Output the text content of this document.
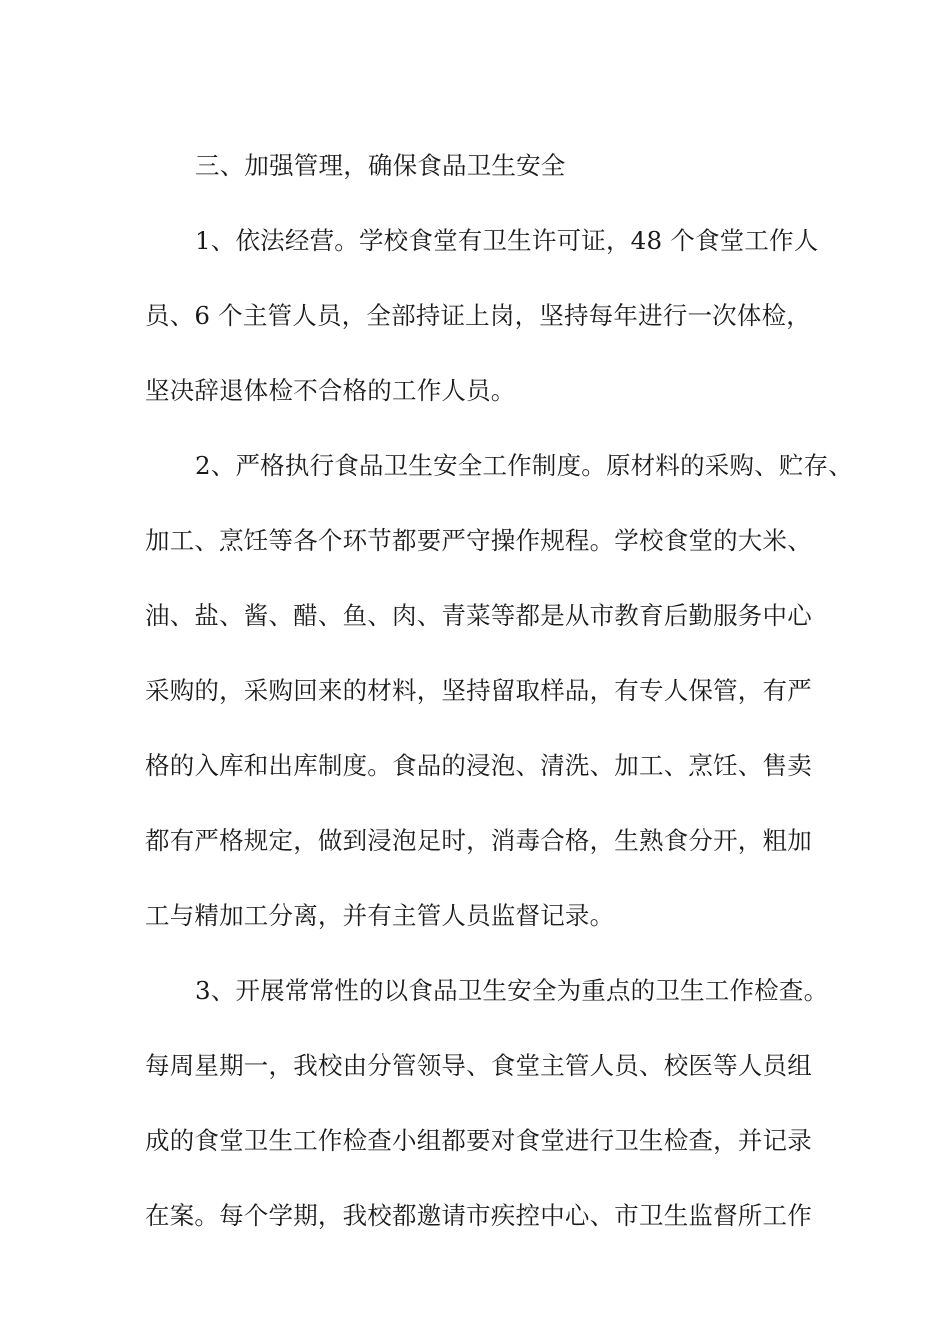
三、加强管理，确保食品卫生安全
1、依法经营。学校食堂有卫生许可证，48 个食堂工作人
员、6 个主管人员，全部持证上岗，坚持每年进行一次体检，
坚决辞退体检不合格的工作人员。
2、严格执行食品卫生安全工作制度。原材料的采购、贮存、
加工、烹饪等各个环节都要严守操作规程。学校食堂的大米、
油、盐、酱、醋、鱼、肉、青菜等都是从市教育后勤服务中心
采购的，采购回来的材料，坚持留取样品，有专人保管，有严
格的入库和出库制度。食品的浸泡、清洗、加工、烹饪、售卖
都有严格规定，做到浸泡足时，消毒合格，生熟食分开，粗加
工与精加工分离，并有主管人员监督记录。
3、开展常常性的以食品卫生安全为重点的卫生工作检查。
每周星期一，我校由分管领导、食堂主管人员、校医等人员组
成的食堂卫生工作检查小组都要对食堂进行卫生检查，并记录
在案。每个学期，我校都邀请市疾控中心、市卫生监督所工作
